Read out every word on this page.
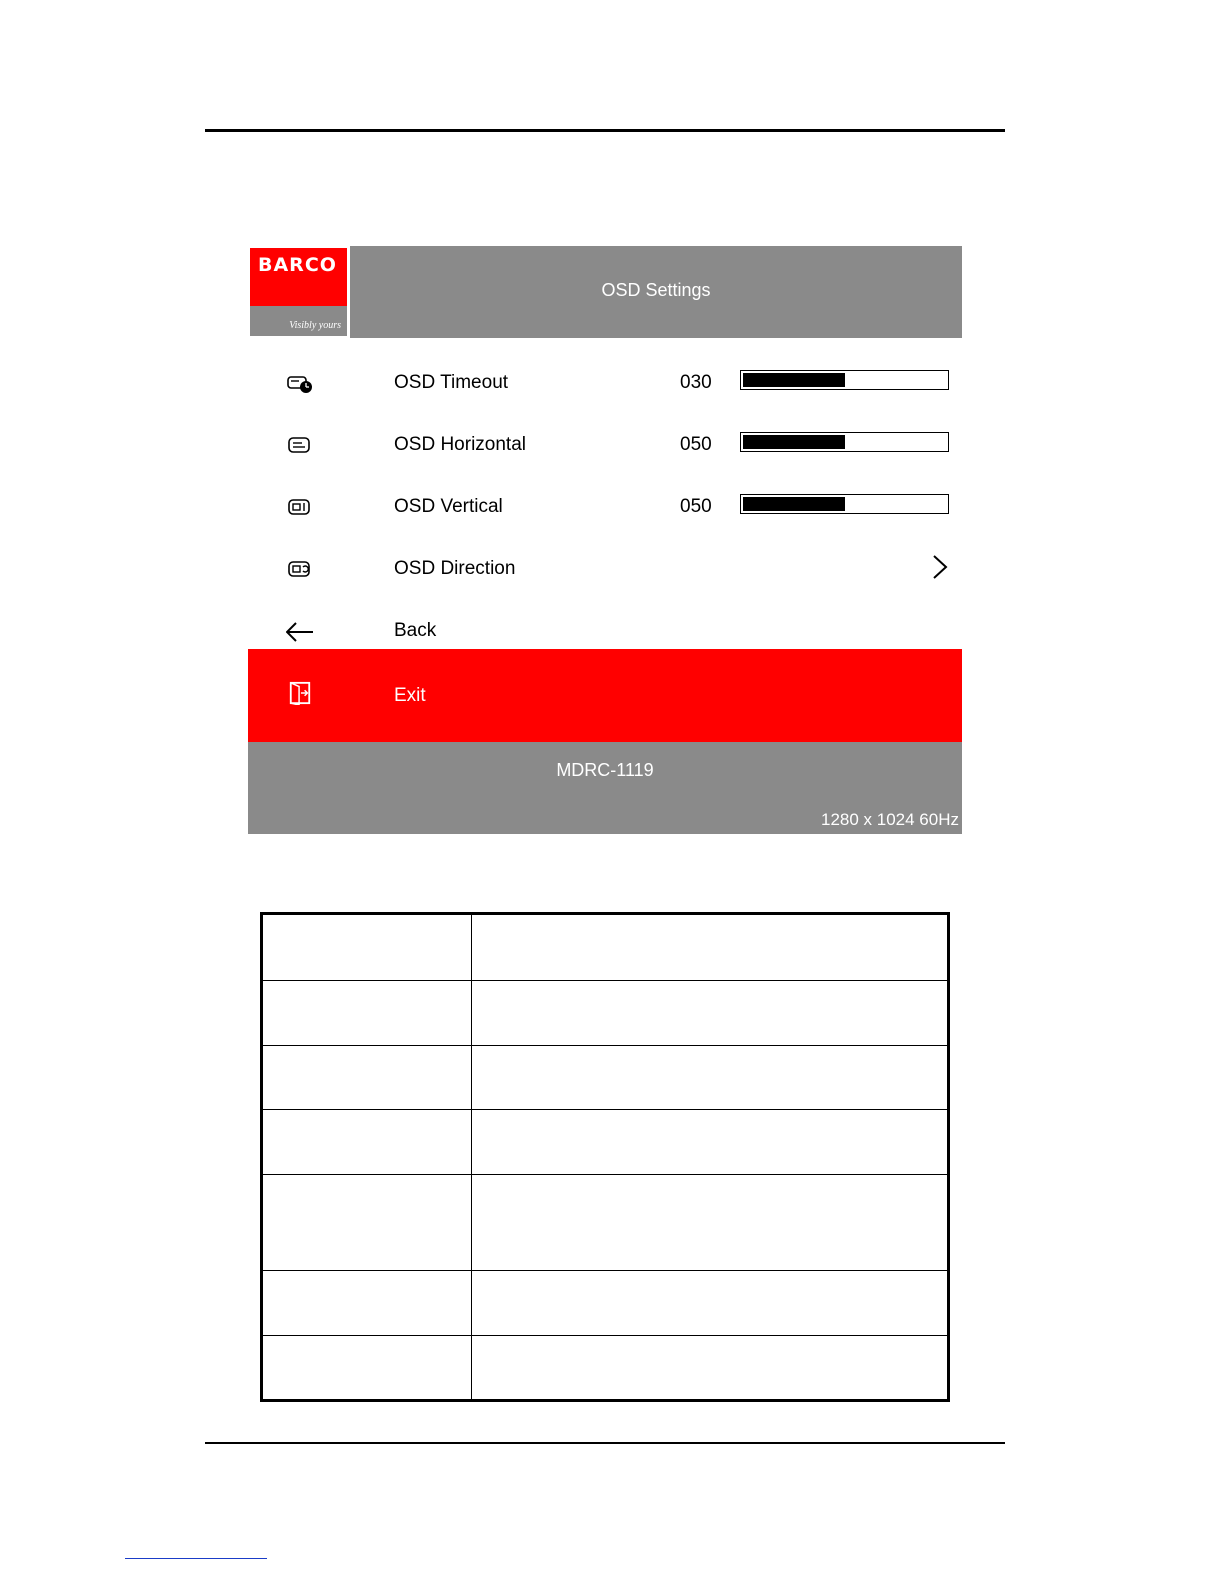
BARCO
Visibly yours
OSD Settings
OSD Timeout	030
OSD Horizontal	050
OSD Vertical	050
OSD Direction
Back
Exit
MDRC-1119
1280 x 1024 60Hz
